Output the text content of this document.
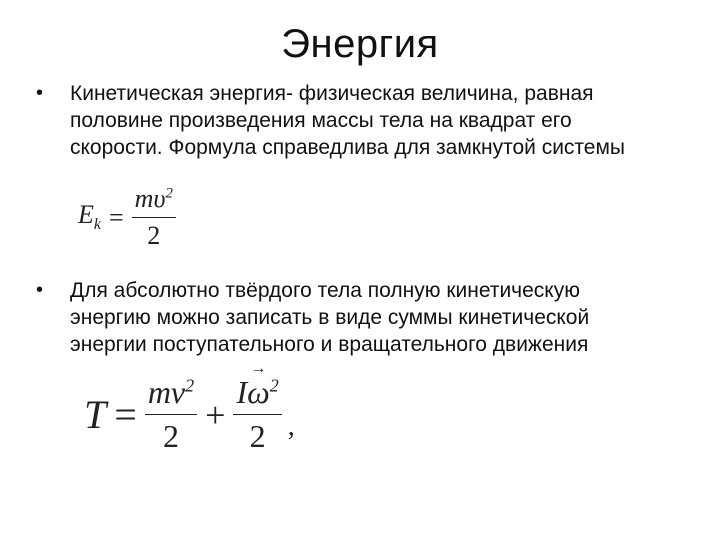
Энергия
• Кинетическая энергия- физическая величина, равная
половине произведения массы тела на квадрат его
скорости. Формула справедлива для замкнутой системы
$E_k = \frac{m\upsilon^2}{2}$
• Для абсолютно твёрдого тела полную кинетическую
энергию можно записать в виде суммы кинетической
энергии поступательного и вращательного движения
$T = \frac{mv^2}{2} + \frac{I\to \omega^2}{2}$ ,
